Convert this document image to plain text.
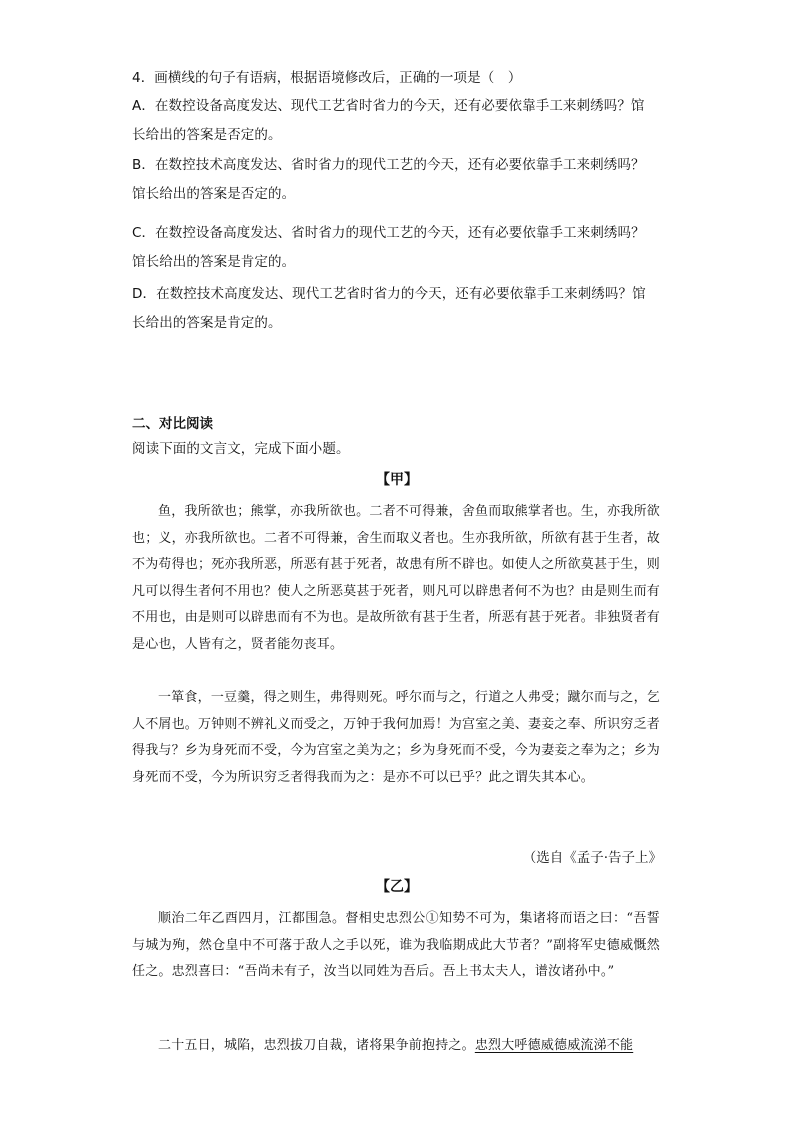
4．画横线的句子有语病，根据语境修改后，正确的一项是（　）
A．在数控设备高度发达、现代工艺省时省力的今天，还有必要依靠手工来刺绣吗？馆
长给出的答案是否定的。
B．在数控技术高度发达、省时省力的现代工艺的今天，还有必要依靠手工来刺绣吗？
馆长给出的答案是否定的。
C．在数控设备高度发达、省时省力的现代工艺的今天，还有必要依靠手工来刺绣吗？
馆长给出的答案是肯定的。
D．在数控技术高度发达、现代工艺省时省力的今天，还有必要依靠手工来刺绣吗？馆
长给出的答案是肯定的。
二、对比阅读
阅读下面的文言文，完成下面小题。
【甲】
鱼，我所欲也；熊掌，亦我所欲也。二者不可得兼，舍鱼而取熊掌者也。生，亦我所欲也；义，亦我所欲也。二者不可得兼，舍生而取义者也。生亦我所欲，所欲有甚于生者，故不为苟得也；死亦我所恶，所恶有甚于死者，故患有所不辟也。如使人之所欲莫甚于生，则凡可以得生者何不用也？使人之所恶莫甚于死者，则凡可以辟患者何不为也？由是则生而有不用也，由是则可以辟患而有不为也。是故所欲有甚于生者，所恶有甚于死者。非独贤者有是心也，人皆有之，贤者能勿丧耳。
一箪食，一豆羹，得之则生，弗得则死。呼尔而与之，行道之人弗受；蹴尔而与之，乞人不屑也。万钟则不辨礼义而受之，万钟于我何加焉！为宫室之美、妻妾之奉、所识穷乏者得我与？乡为身死而不受，今为宫室之美为之；乡为身死而不受，今为妻妾之奉为之；乡为身死而不受，今为所识穷乏者得我而为之：是亦不可以已乎？此之谓失其本心。
（选自《孟子·告子上》
【乙】
顺治二年乙酉四月，江都围急。督相史忠烈公①知势不可为，集诸将而语之曰：“吾誓与城为殉，然仓皇中不可落于敌人之手以死，谁为我临期成此大节者？”副将军史德威慨然任之。忠烈喜曰：“吾尚未有子，汝当以同姓为吾后。吾上书太夫人，谱汝诸孙中。”
二十五日，城陷，忠烈拔刀自裁，诸将果争前抱持之。忠烈大呼德威德威流涕不能
